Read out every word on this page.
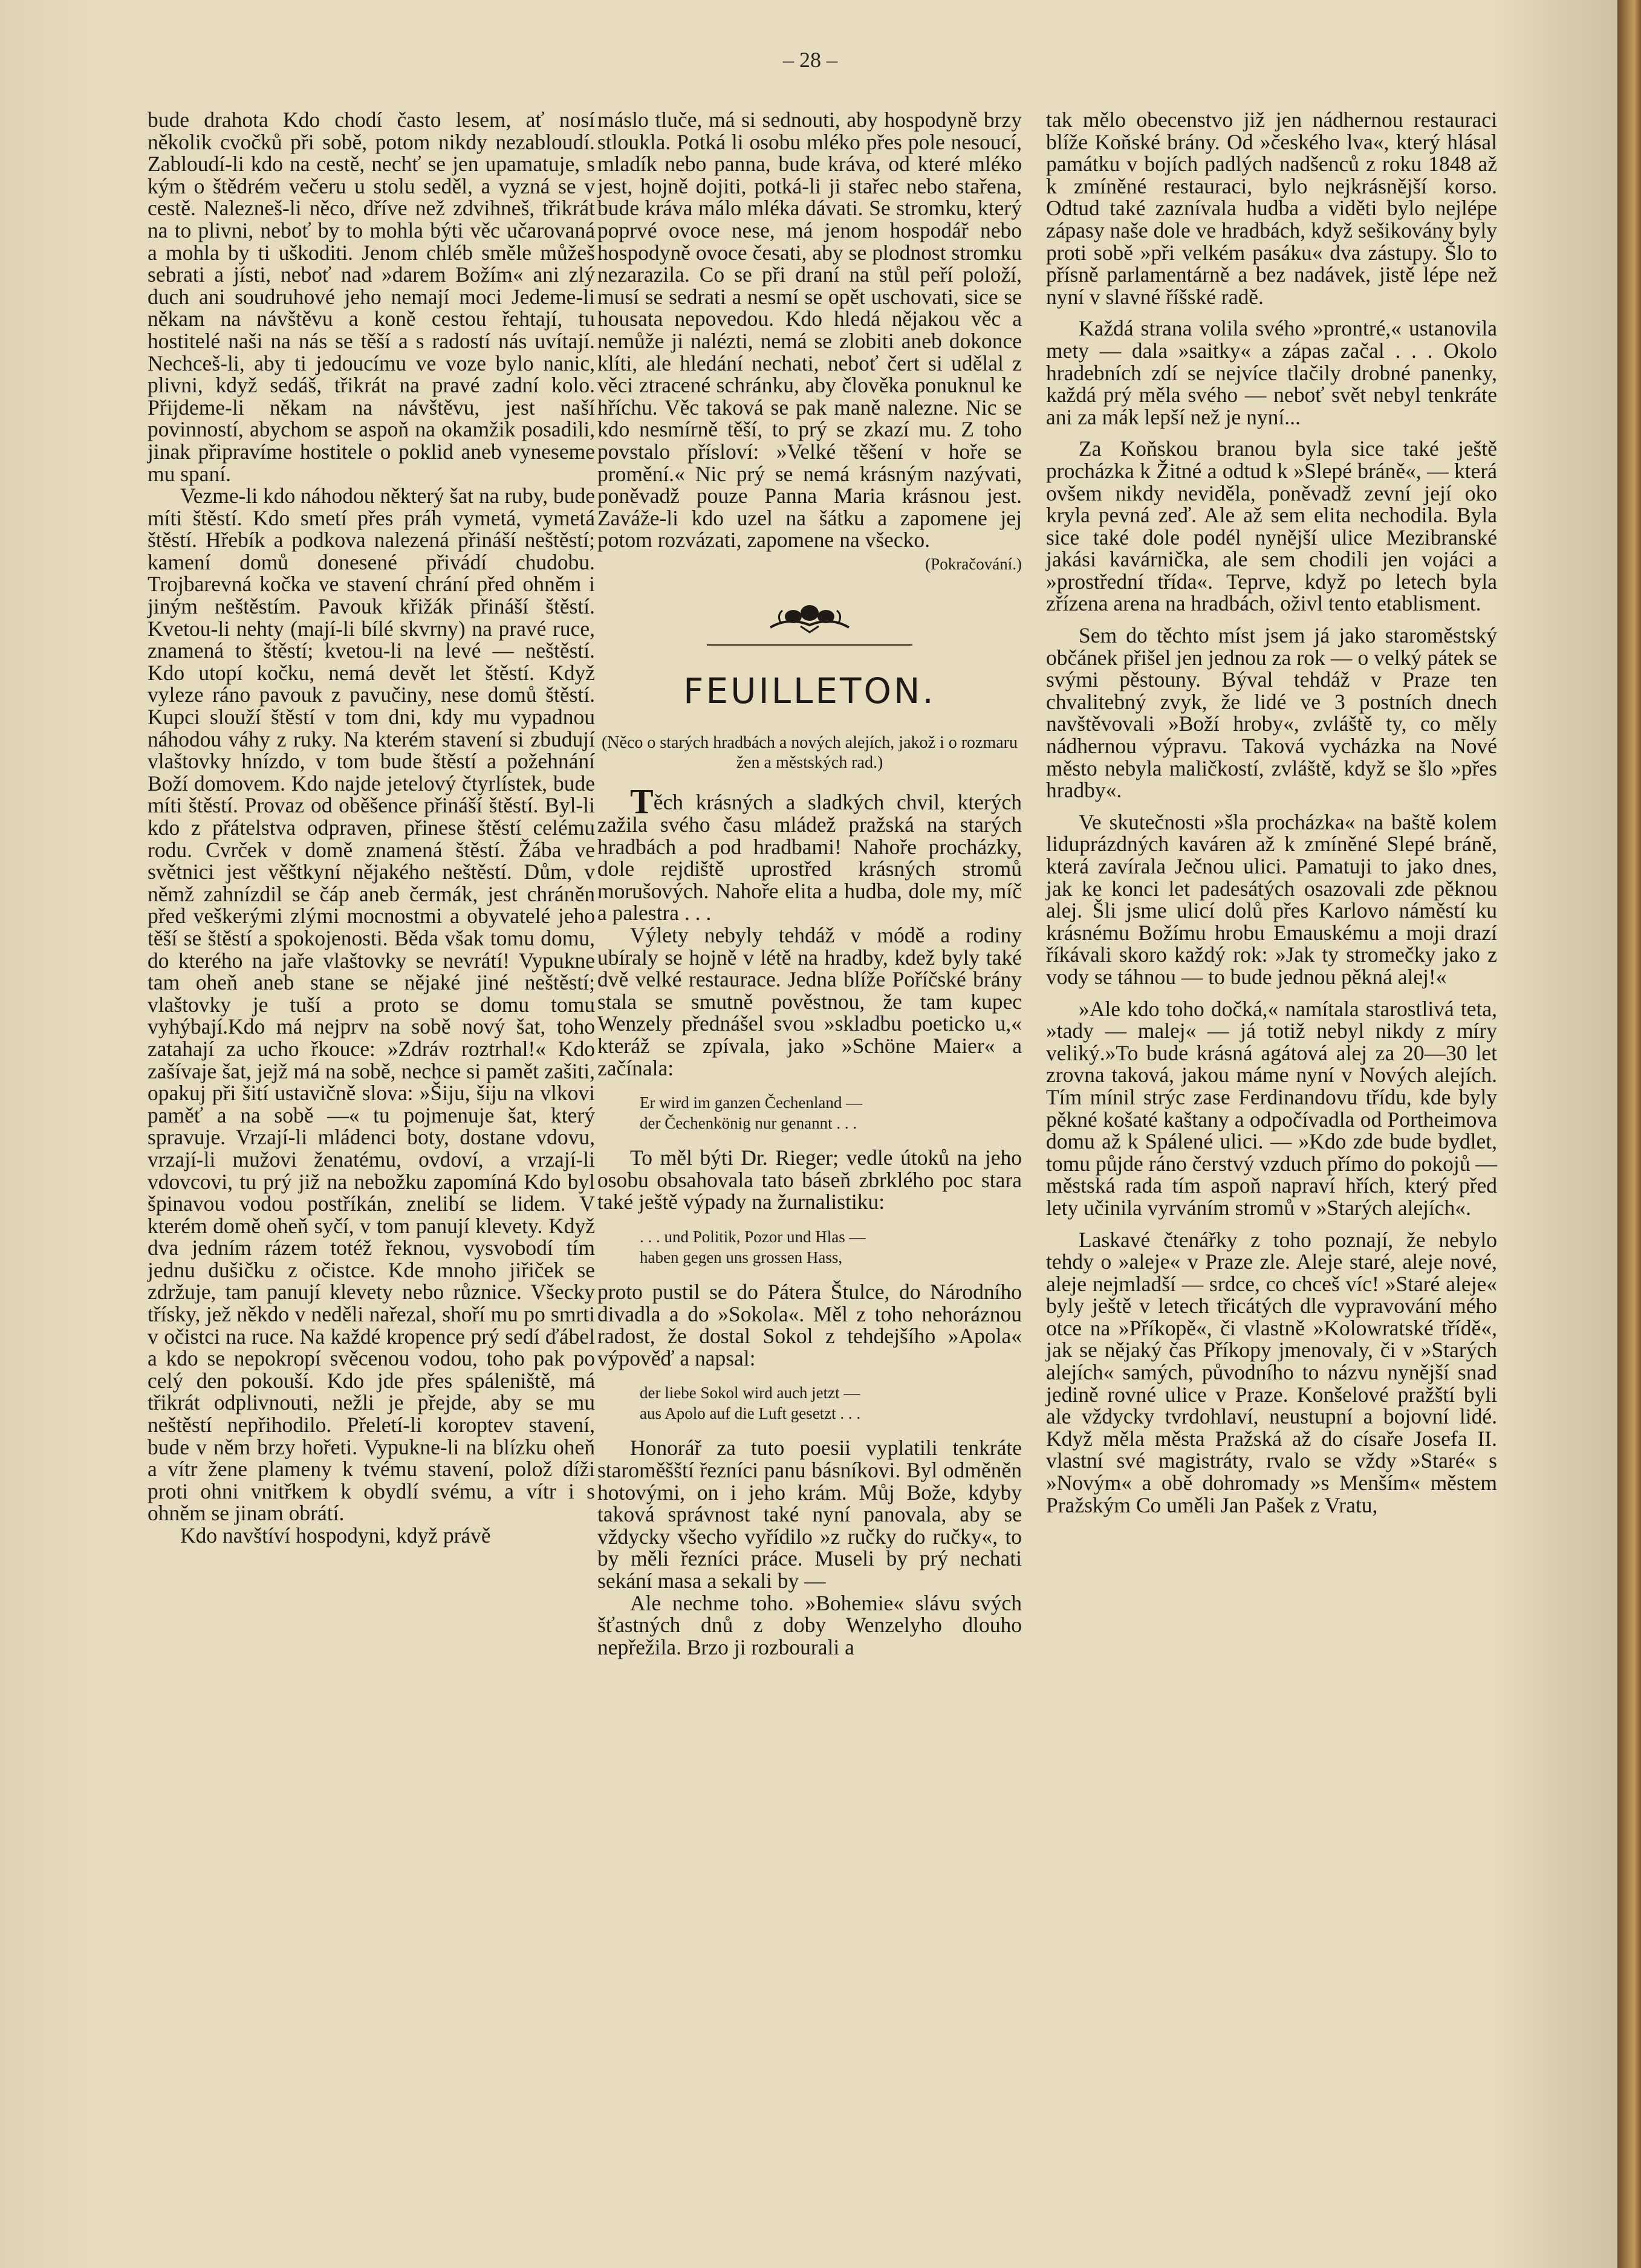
– 28 –

bude drahota Kdo chodí často lesem, ať nosí několik cvočků při sobě, potom nikdy nezabloudí. Zabloudí-li kdo na cestě, nechť se jen upamatuje, s kým o štědrém večeru u stolu seděl, a vyzná se v cestě. Nalezneš-li něco, dříve než zdvihneš, třikrát na to plivni, neboť by to mohla býti věc učarovaná a mohla by ti uškoditi. Jenom chléb směle můžeš sebrati a jísti, neboť nad »darem Božím« ani zlý duch ani soudruhové jeho nemají moci Jedeme-li někam na návštěvu a koně cestou řehtají, tu hostitelé naši na nás se těší a s radostí nás uvítají. Nechceš-li, aby ti jedoucímu ve voze bylo nanic, plivni, když sedáš, třikrát na pravé zadní kolo. Přijdeme-li někam na návštěvu, jest naší povinností, abychom se aspoň na okamžik posadili, jinak připravíme hostitele o poklid aneb vyneseme mu spaní.

Vezme-li kdo náhodou některý šat na ruby, bude míti štěstí. Kdo smetí přes práh vymetá, vymetá štěstí. Hřebík a podkova nalezená přináší neštěstí; kamení domů donesené přivádí chudobu. Trojbarevná kočka ve stavení chrání před ohněm i jiným neštěstím. Pavouk křižák přináší štěstí. Kvetou-li nehty (mají-li bílé skvrny) na pravé ruce, znamená to štěstí; kvetou-li na levé — neštěstí. Kdo utopí kočku, nemá devět let štěstí. Když vyleze ráno pavouk z pavučiny, nese domů štěstí. Kupci slouží štěstí v tom dni, kdy mu vypadnou náhodou váhy z ruky. Na kterém stavení si zbudují vlaštovky hnízdo, v tom bude štěstí a požehnání Boží domovem. Kdo najde jetelový čtyrlístek, bude míti štěstí. Provaz od oběšence přináší štěstí. Byl-li kdo z přátelstva odpraven, přinese štěstí celému rodu. Cvrček v domě znamená štěstí. Žába ve světnici jest věštkyní nějakého neštěstí. Dům, v němž zahnízdil se čáp aneb čermák, jest chráněn před veškerými zlými mocnostmi a obyvatelé jeho těší se štěstí a spokojenosti. Běda však tomu domu, do kterého na jaře vlaštovky se nevrátí! Vypukne tam oheň aneb stane se nějaké jiné neštěstí; vlaštovky je tuší a proto se domu tomu vyhýbají.Kdo má nejprv na sobě nový šat, toho zatahají za ucho řkouce: »Zdráv roztrhal!« Kdo zašívaje šat, jejž má na sobě, nechce si pamět zašiti, opakuj při šití ustavičně slova: »Šiju, šiju na vlkovi paměť a na sobě —« tu pojmenuje šat, který spravuje. Vrzají-li mládenci boty, dostane vdovu, vrzají-li mužovi ženatému, ovdoví, a vrzají-li vdovcovi, tu prý již na nebožku zapomíná Kdo byl špinavou vodou postříkán, znelibí se lidem. V kterém domě oheň syčí, v tom panují klevety. Když dva jedním rázem totéž řeknou, vysvobodí tím jednu dušičku z očistce. Kde mnoho jiřiček se zdržuje, tam panují klevety nebo různice. Všecky třísky, jež někdo v neděli nařezal, shoří mu po smrti v očistci na ruce. Na každé kropence prý sedí ďábel a kdo se nepokropí svěcenou vodou, toho pak po celý den pokouší. Kdo jde přes spáleniště, má třikrát odplivnouti, nežli je přejde, aby se mu neštěstí nepřihodilo. Přeletí-li koroptev stavení, bude v něm brzy hořeti. Vypukne-li na blízku oheň a vítr žene plameny k tvému stavení, polož díži proti ohni vnitřkem k obydlí svému, a vítr i s ohněm se jinam obrátí.

Kdo navštíví hospodyni, když právě

máslo tluče, má si sednouti, aby hospodyně brzy stloukla. Potká li osobu mléko přes pole nesoucí, mladík nebo panna, bude kráva, od které mléko jest, hojně dojiti, potká-li ji stařec nebo stařena, bude kráva málo mléka dávati. Se stromku, který poprvé ovoce nese, má jenom hospodář nebo hospodyně ovoce česati, aby se plodnost stromku nezarazila. Co se při draní na stůl peří položí, musí se sedrati a nesmí se opět uschovati, sice se housata nepovedou. Kdo hledá nějakou věc a nemůže ji nalézti, nemá se zlobiti aneb dokonce klíti, ale hledání nechati, neboť čert si udělal z věci ztracené schránku, aby člověka ponuknul ke hříchu. Věc taková se pak maně nalezne. Nic se kdo nesmírně těší, to prý se zkazí mu. Z toho povstalo přísloví: »Velké těšení v hoře se promění.« Nic prý se nemá krásným nazývati, poněvadž pouze Panna Maria krásnou jest. Zaváže-li kdo uzel na šátku a zapomene jej potom rozvázati, zapomene na všecko.

(Pokračování.)

FEUILLETON.

(Něco o starých hradbách a nových alejích, jakož i o rozmaru žen a městských rad.)

Těch krásných a sladkých chvil, kterých zažila svého času mládež pražská na starých hradbách a pod hradbami! Nahoře procházky, dole rejdiště uprostřed krásných stromů morušových. Nahoře elita a hudba, dole my, míč a palestra . . .

Výlety nebyly tehdáž v módě a rodiny ubíraly se hojně v létě na hradby, kdež byly také dvě velké restaurace. Jedna blíže Poříčské brány stala se smutně pověstnou, že tam kupec Wenzely přednášel svou »skladbu poeticko u,« kteráž se zpívala, jako »Schöne Maier« a začínala:

Er wird im ganzen Čechenland —
der Čechenkönig nur genannt . . .

To měl býti Dr. Rieger; vedle útoků na jeho osobu obsahovala tato báseň zbrklého poc stara také ještě výpady na žurnalistiku:

. . . und Politik, Pozor und Hlas —
haben gegen uns grossen Hass,

proto pustil se do Pátera Štulce, do Národního divadla a do »Sokola«. Měl z toho nehoráznou radost, že dostal Sokol z tehdejšího »Apola« výpověď a napsal:

der liebe Sokol wird auch jetzt —
aus Apolo auf die Luft gesetzt . . .

Honorář za tuto poesii vyplatili tenkráte staroměšští řezníci panu básníkovi. Byl odměněn hotovými, on i jeho krám. Můj Bože, kdyby taková správnost také nyní panovala, aby se vždycky všecho vyřídilo »z ručky do ručky«, to by měli řezníci práce. Museli by prý nechati sekání masa a sekali by —

Ale nechme toho. »Bohemie« slávu svých šťastných dnů z doby Wenzelyho dlouho nepřežila. Brzo ji rozbourali a

tak mělo obecenstvo již jen nádhernou restauraci blíže Koňské brány. Od »českého lva«, který hlásal památku v bojích padlých nadšenců z roku 1848 až k zmíněné restauraci, bylo nejkrásnější korso. Odtud také zaznívala hudba a viděti bylo nejlépe zápasy naše dole ve hradbách, když sešikovány byly proti sobě »při velkém pasáku« dva zástupy. Šlo to přísně parlamentárně a bez nadávek, jistě lépe než nyní v slavné říšské radě.

Každá strana volila svého »prontré,« ustanovila mety — dala »saitky« a zápas začal . . . Okolo hradebních zdí se nejvíce tlačily drobné panenky, každá prý měla svého — neboť svět nebyl tenkráte ani za mák lepší než je nyní...

Za Koňskou branou byla sice také ještě procházka k Žitné a odtud k »Slepé bráně«, — která ovšem nikdy neviděla, poněvadž zevní její oko kryla pevná zeď. Ale až sem elita nechodila. Byla sice také dole podél nynější ulice Mezibranské jakási kavárnička, ale sem chodili jen vojáci a »prostřední třída«. Teprve, když po letech byla zřízena arena na hradbách, oživl tento etablisment.

Sem do těchto míst jsem já jako staroměstský občánek přišel jen jednou za rok — o velký pátek se svými pěstouny. Býval tehdáž v Praze ten chvalitebný zvyk, že lidé ve 3 postních dnech navštěvovali »Boží hroby«, zvláště ty, co měly nádhernou výpravu. Taková vycházka na Nové město nebyla maličkostí, zvláště, když se šlo »přes hradby«.

Ve skutečnosti »šla procházka« na baště kolem liduprázdných kaváren až k zmíněné Slepé bráně, která zavírala Ječnou ulici. Pamatuji to jako dnes, jak ke konci let padesátých osazovali zde pěknou alej. Šli jsme ulicí dolů přes Karlovo náměstí ku krásnému Božímu hrobu Emauskému a moji drazí říkávali skoro každý rok: »Jak ty stromečky jako z vody se táhnou — to bude jednou pěkná alej!«

»Ale kdo toho dočká,« namítala starostlivá teta, »tady — malej« — já totiž nebyl nikdy z míry veliký.»To bude krásná agátová alej za 20—30 let zrovna taková, jakou máme nyní v Nových alejích. Tím mínil strýc zase Ferdinandovu třídu, kde byly pěkné košaté kaštany a odpočívadla od Portheimova domu až k Spálené ulici. — »Kdo zde bude bydlet, tomu půjde ráno čerstvý vzduch přímo do pokojů — městská rada tím aspoň napraví hřích, který před lety učinila vyrváním stromů v »Starých alejích«.

Laskavé čtenářky z toho poznají, že nebylo tehdy o »aleje« v Praze zle. Aleje staré, aleje nové, aleje nejmladší — srdce, co chceš víc! »Staré aleje« byly ještě v letech třicátých dle vypravování mého otce na »Příkopě«, či vlastně »Kolowratské třídě«, jak se nějaký čas Příkopy jmenovaly, či v »Starých alejích« samých, původního to názvu nynější snad jedině rovné ulice v Praze. Konšelové pražští byli ale vždycky tvrdohlaví, neustupní a bojovní lidé. Když měla města Pražská až do císaře Josefa II. vlastní své magistráty, rvalo se vždy »Staré« s »Novým« a obě dohromady »s Menším« městem Pražským Co uměli Jan Pašek z Vratu,
